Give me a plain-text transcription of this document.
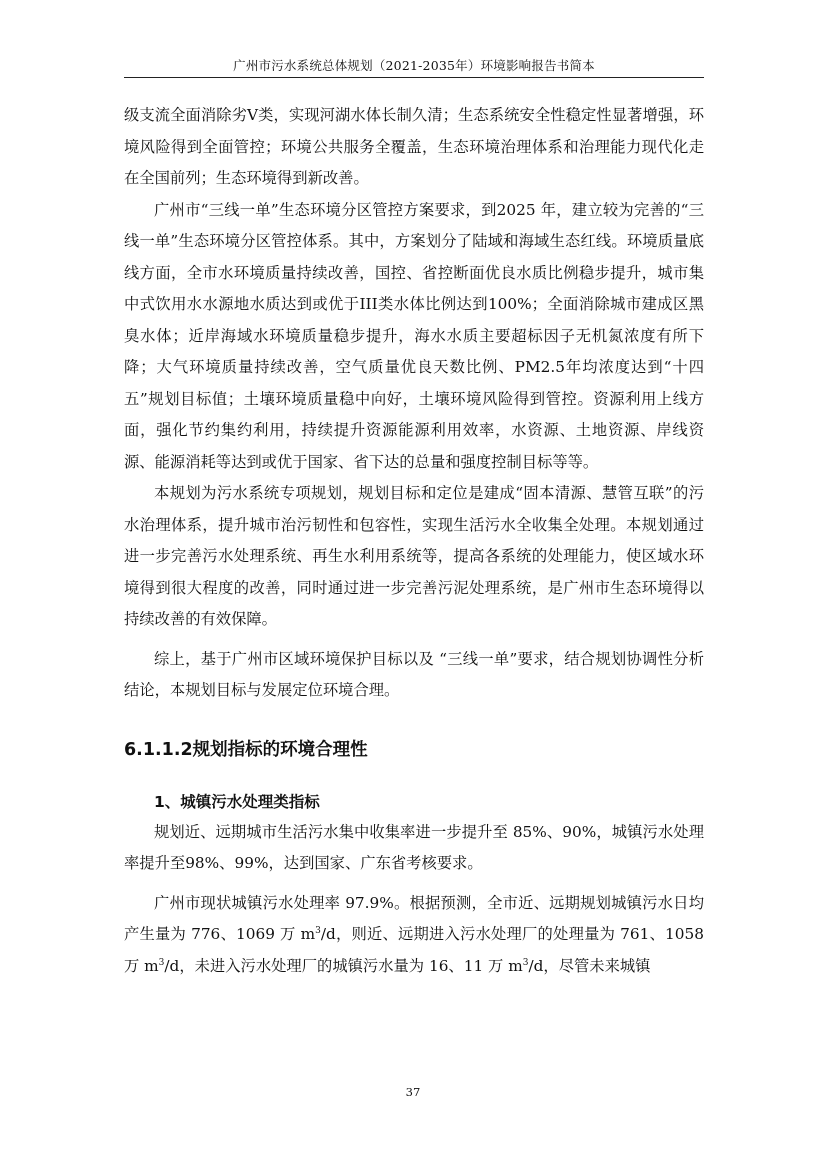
广州市污水系统总体规划（2021-2035年）环境影响报告书简本

级支流全面消除劣V类，实现河湖水体长制久清；生态系统安全性稳定性显著增强，环境风险得到全面管控；环境公共服务全覆盖，生态环境治理体系和治理能力现代化走在全国前列；生态环境得到新改善。

广州市“三线一单”生态环境分区管控方案要求，到2025 年，建立较为完善的“三线一单”生态环境分区管控体系。其中，方案划分了陆域和海域生态红线。环境质量底线方面，全市水环境质量持续改善，国控、省控断面优良水质比例稳步提升，城市集中式饮用水水源地水质达到或优于III类水体比例达到100%；全面消除城市建成区黑臭水体；近岸海域水环境质量稳步提升，海水水质主要超标因子无机氮浓度有所下降；大气环境质量持续改善，空气质量优良天数比例、PM2.5年均浓度达到“十四五”规划目标值；土壤环境质量稳中向好，土壤环境风险得到管控。资源利用上线方面，强化节约集约利用，持续提升资源能源利用效率，水资源、土地资源、岸线资源、能源消耗等达到或优于国家、省下达的总量和强度控制目标等等。

本规划为污水系统专项规划，规划目标和定位是建成“固本清源、慧管互联”的污水治理体系，提升城市治污韧性和包容性，实现生活污水全收集全处理。本规划通过进一步完善污水处理系统、再生水利用系统等，提高各系统的处理能力，使区域水环境得到很大程度的改善，同时通过进一步完善污泥处理系统，是广州市生态环境得以持续改善的有效保障。

综上，基于广州市区域环境保护目标以及 “三线一单”要求，结合规划协调性分析结论，本规划目标与发展定位环境合理。

6.1.1.2规划指标的环境合理性
1、城镇污水处理类指标

规划近、远期城市生活污水集中收集率进一步提升至 85%、90%，城镇污水处理率提升至98%、99%，达到国家、广东省考核要求。

广州市现状城镇污水处理率 97.9%。根据预测，全市近、远期规划城镇污水日均产生量为 776、1069 万 $m^3/d$，则近、远期进入污水处理厂的处理量为 761、1058 万 $m^3/d$，未进入污水处理厂的城镇污水量为 16、11 万 $m^3/d$，尽管未来城镇

37
